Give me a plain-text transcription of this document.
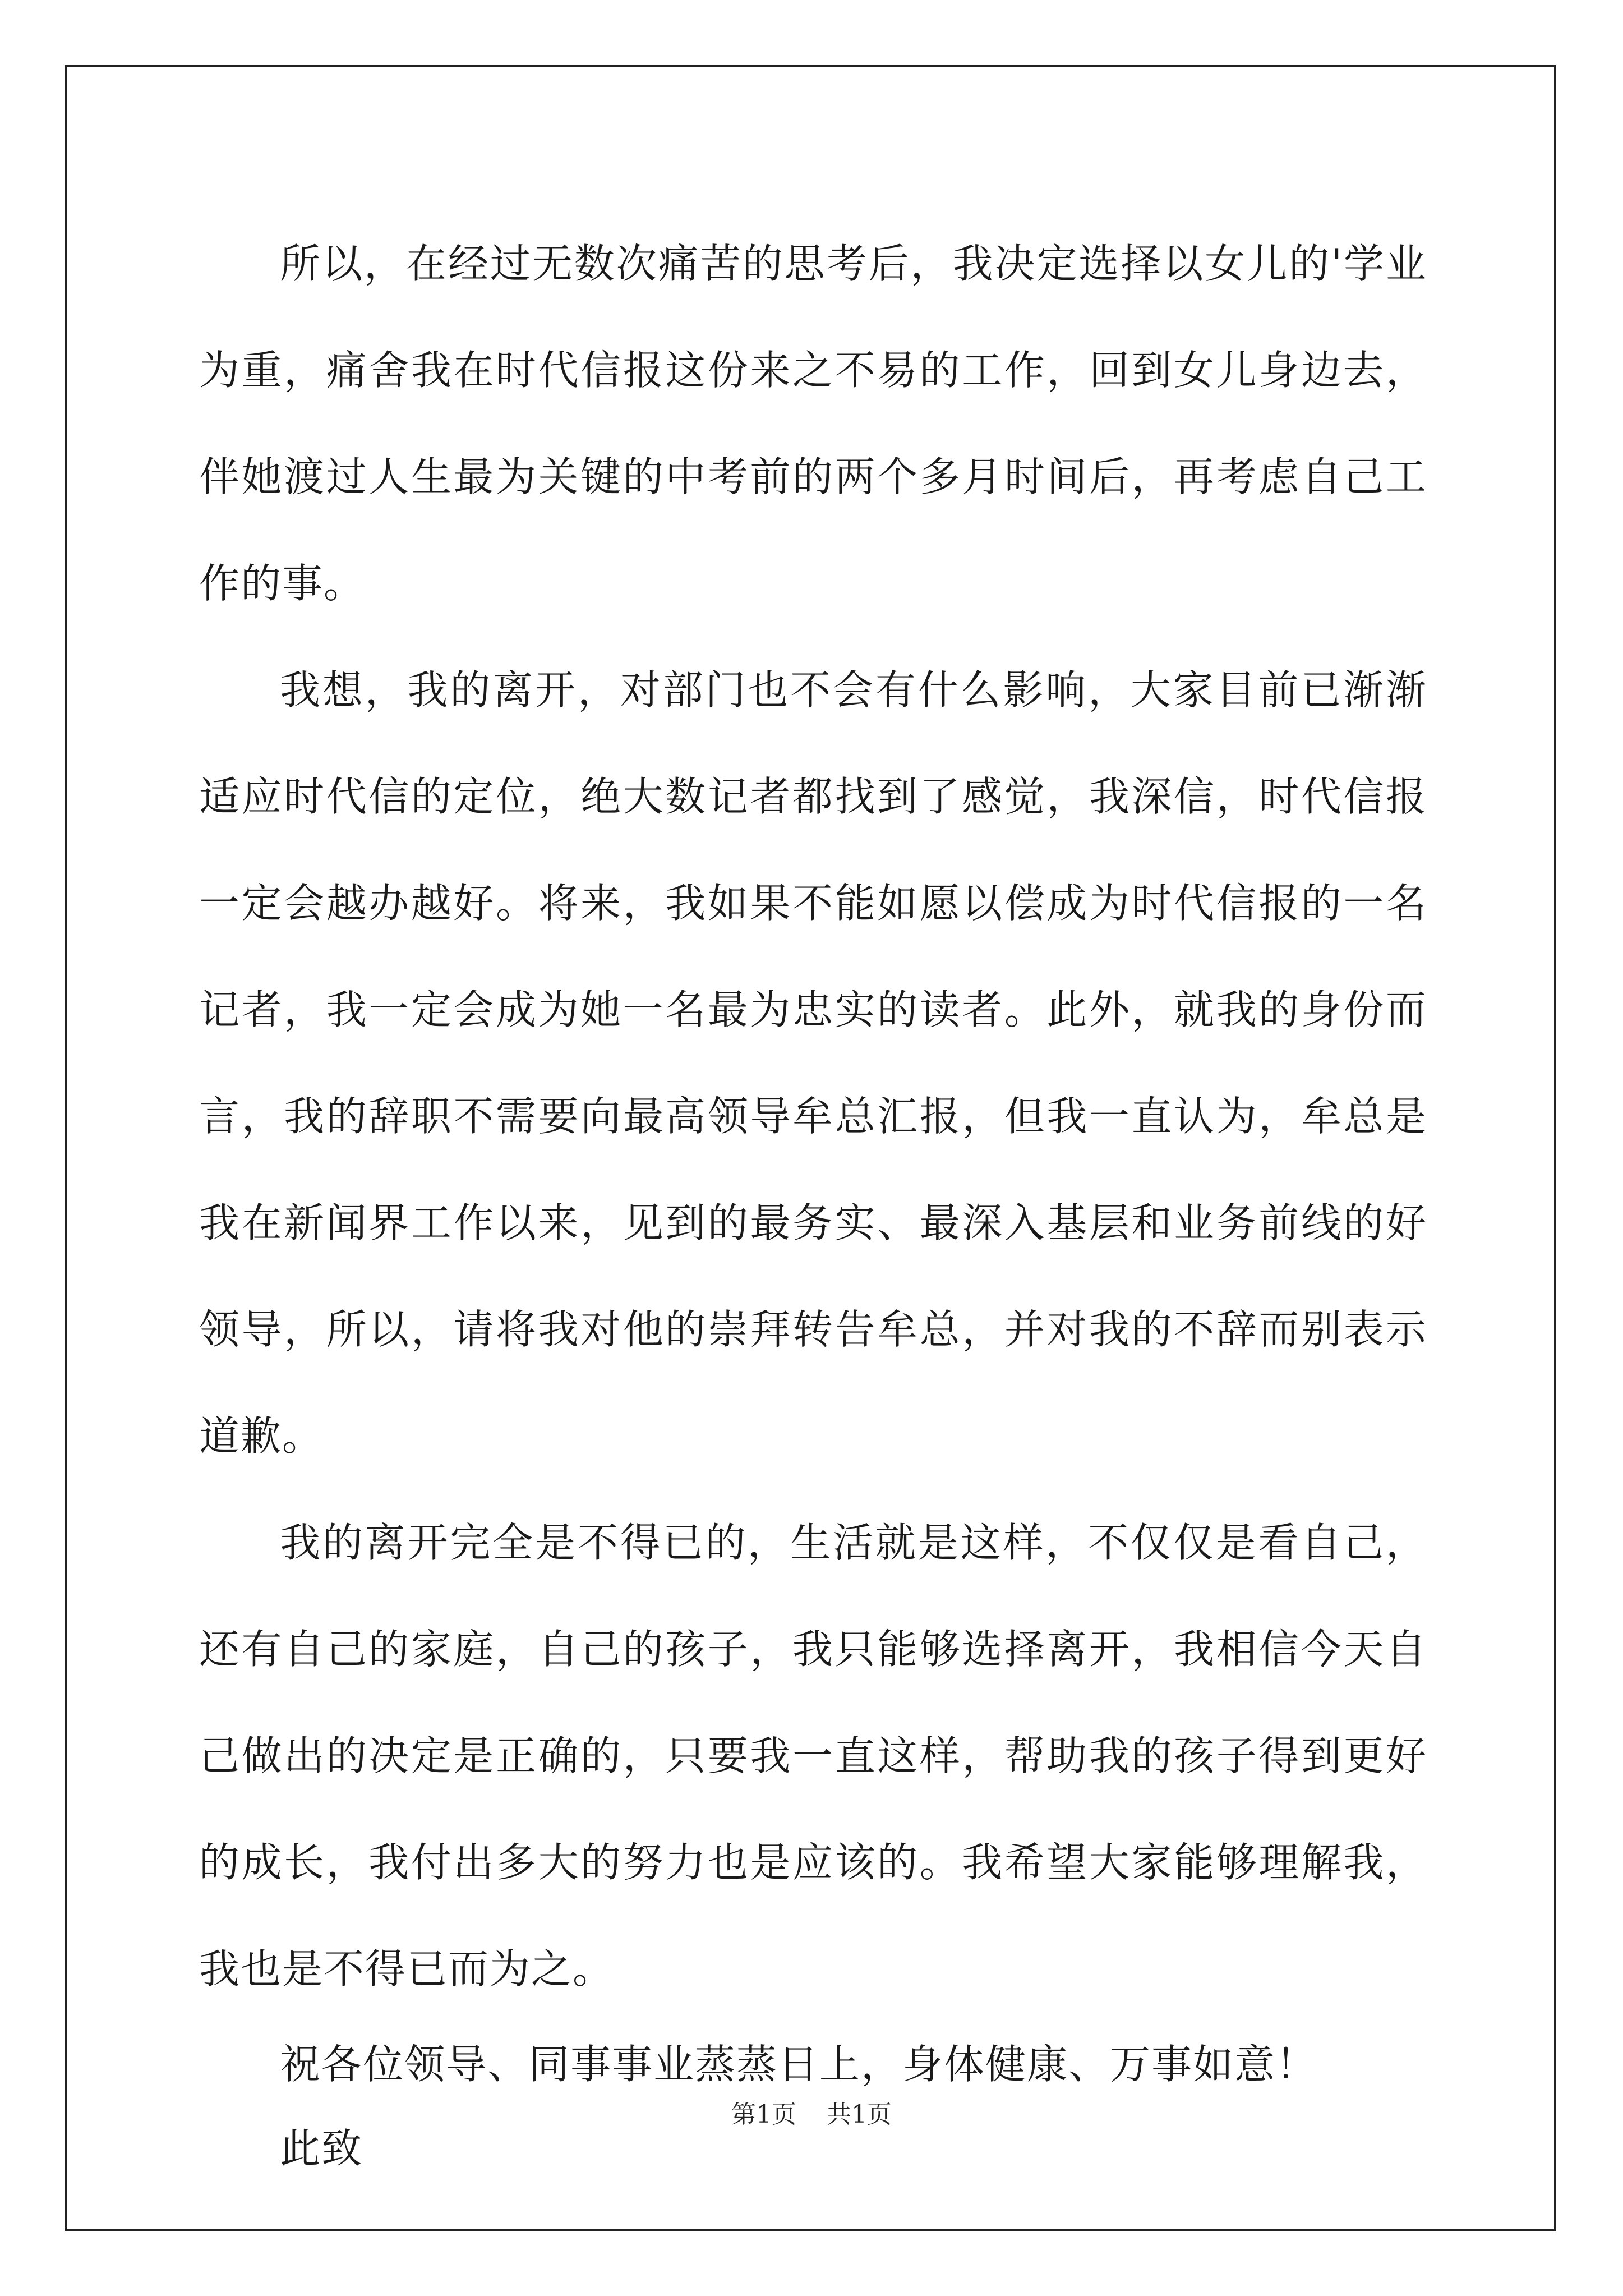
所以，在经过无数次痛苦的思考后，我决定选择以女儿的'学业为重，痛舍我在时代信报这份来之不易的工作，回到女儿身边去，伴她渡过人生最为关键的中考前的两个多月时间后，再考虑自己工作的事。

我想，我的离开，对部门也不会有什么影响，大家目前已渐渐适应时代信的定位，绝大数记者都找到了感觉，我深信，时代信报一定会越办越好。将来，我如果不能如愿以偿成为时代信报的一名记者，我一定会成为她一名最为忠实的读者。此外，就我的身份而言，我的辞职不需要向最高领导牟总汇报，但我一直认为，牟总是我在新闻界工作以来，见到的最务实、最深入基层和业务前线的好领导，所以，请将我对他的崇拜转告牟总，并对我的不辞而别表示道歉。

我的离开完全是不得已的，生活就是这样，不仅仅是看自己，还有自己的家庭，自己的孩子，我只能够选择离开，我相信今天自己做出的决定是正确的，只要我一直这样，帮助我的孩子得到更好的成长，我付出多大的努力也是应该的。我希望大家能够理解我，我也是不得已而为之。

祝各位领导、同事事业蒸蒸日上，身体健康、万事如意！

此致

第1页 共1页
